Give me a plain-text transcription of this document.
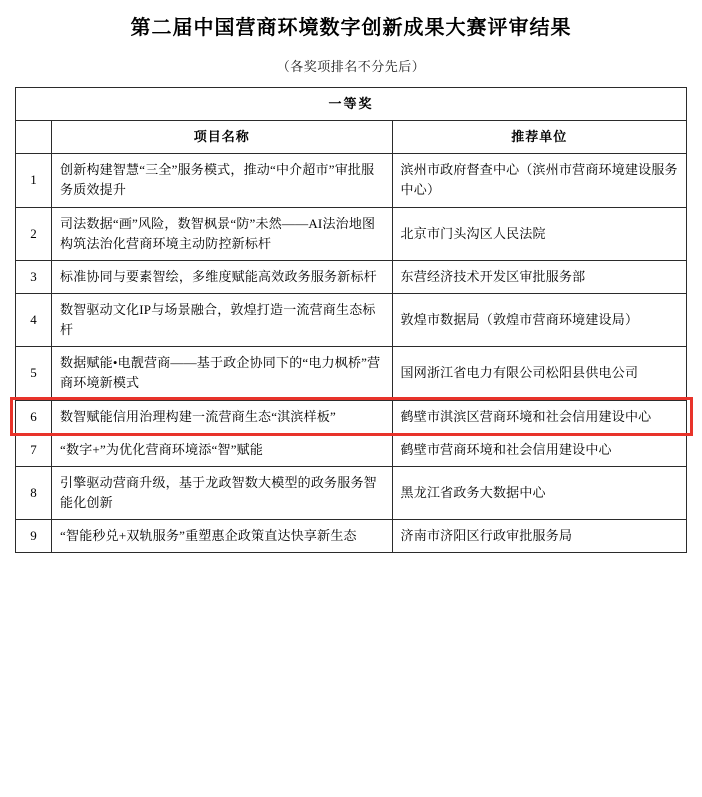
第二届中国营商环境数字创新成果大赛评审结果
（各奖项排名不分先后）
一等奖		
	项目名称	推荐单位
1	创新构建智慧“三全”服务模式，推动“中介超市”审批服务质效提升	滨州市政府督查中心（滨州市营商环境建设服务中心）
2	司法数据“画”风险，数智枫景“防”未然——AI法治地图构筑法治化营商环境主动防控新标杆	北京市门头沟区人民法院
3	标准协同与要素智绘，多维度赋能高效政务服务新标杆	东营经济技术开发区审批服务部
4	数智驱动文化IP与场景融合，敦煌打造一流营商生态标杆	敦煌市数据局（敦煌市营商环境建设局）
5	数据赋能•电靓营商——基于政企协同下的“电力枫桥”营商环境新模式	国网浙江省电力有限公司松阳县供电公司
6	数智赋能信用治理构建一流营商生态“淇滨样板”	鹤壁市淇滨区营商环境和社会信用建设中心
7	“数字+”为优化营商环境添“智”赋能	鹤壁市营商环境和社会信用建设中心
8	引擎驱动营商升级，基于龙政智数大模型的政务服务智能化创新	黑龙江省政务大数据中心
9	“智能秒兑+双轨服务”重塑惠企政策直达快享新生态	济南市济阳区行政审批服务局
